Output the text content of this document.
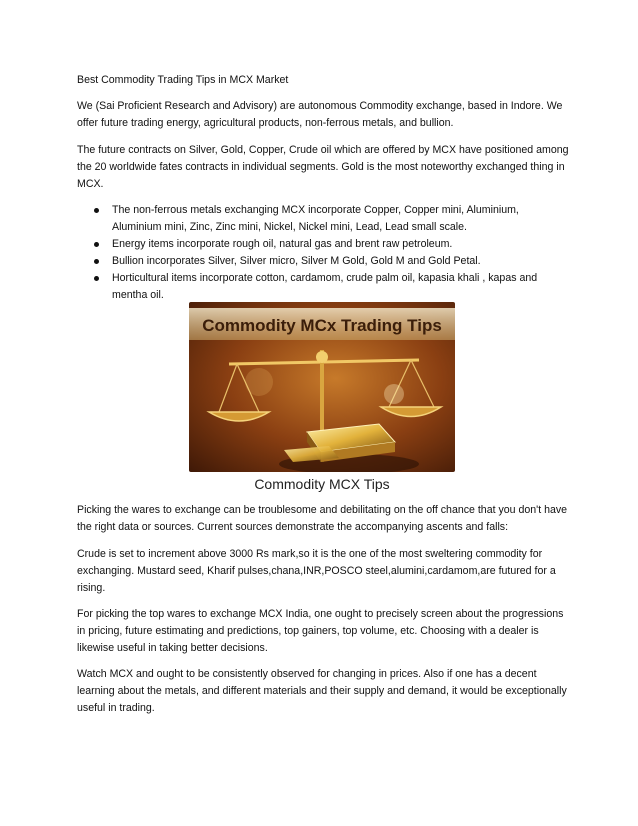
Best Commodity Trading Tips in MCX Market

We (Sai Proficient Research and Advisory) are autonomous Commodity exchange, based in Indore. We offer future trading energy, agricultural products, non-ferrous metals, and bullion.

The future contracts on Silver, Gold, Copper, Crude oil which are offered by MCX have positioned among the 20 worldwide fates contracts in individual segments. Gold is the most noteworthy exchanged thing in MCX.

The non-ferrous metals exchanging MCX incorporate Copper, Copper mini, Aluminium, Aluminium mini, Zinc, Zinc mini, Nickel, Nickel mini, Lead, Lead small scale.
Energy items incorporate rough oil, natural gas and brent raw petroleum.
Bullion incorporates Silver, Silver micro, Silver M Gold, Gold M and Gold Petal.
Horticultural items incorporate cotton, cardamom, crude palm oil, kapasia khali , kapas and mentha oil.
Commodity MCx Trading Tips
Commodity MCX Tips

Picking the wares to exchange can be troublesome and debilitating on the off chance that you don't have the right data or sources. Current sources demonstrate the accompanying ascents and falls:

Crude is set to increment above 3000 Rs mark,so it is the one of the most sweltering commodity for exchanging. Mustard seed, Kharif pulses,chana,INR,POSCO steel,alumini,cardamom,are futured for a rising.

For picking the top wares to exchange MCX India, one ought to precisely screen about the progressions in pricing, future estimating and predictions, top gainers, top volume, etc. Choosing with a dealer is likewise useful in taking better decisions.

Watch MCX and ought to be consistently observed for changing in prices. Also if one has a decent learning about the metals, and different materials and their supply and demand, it would be exceptionally useful in trading.
